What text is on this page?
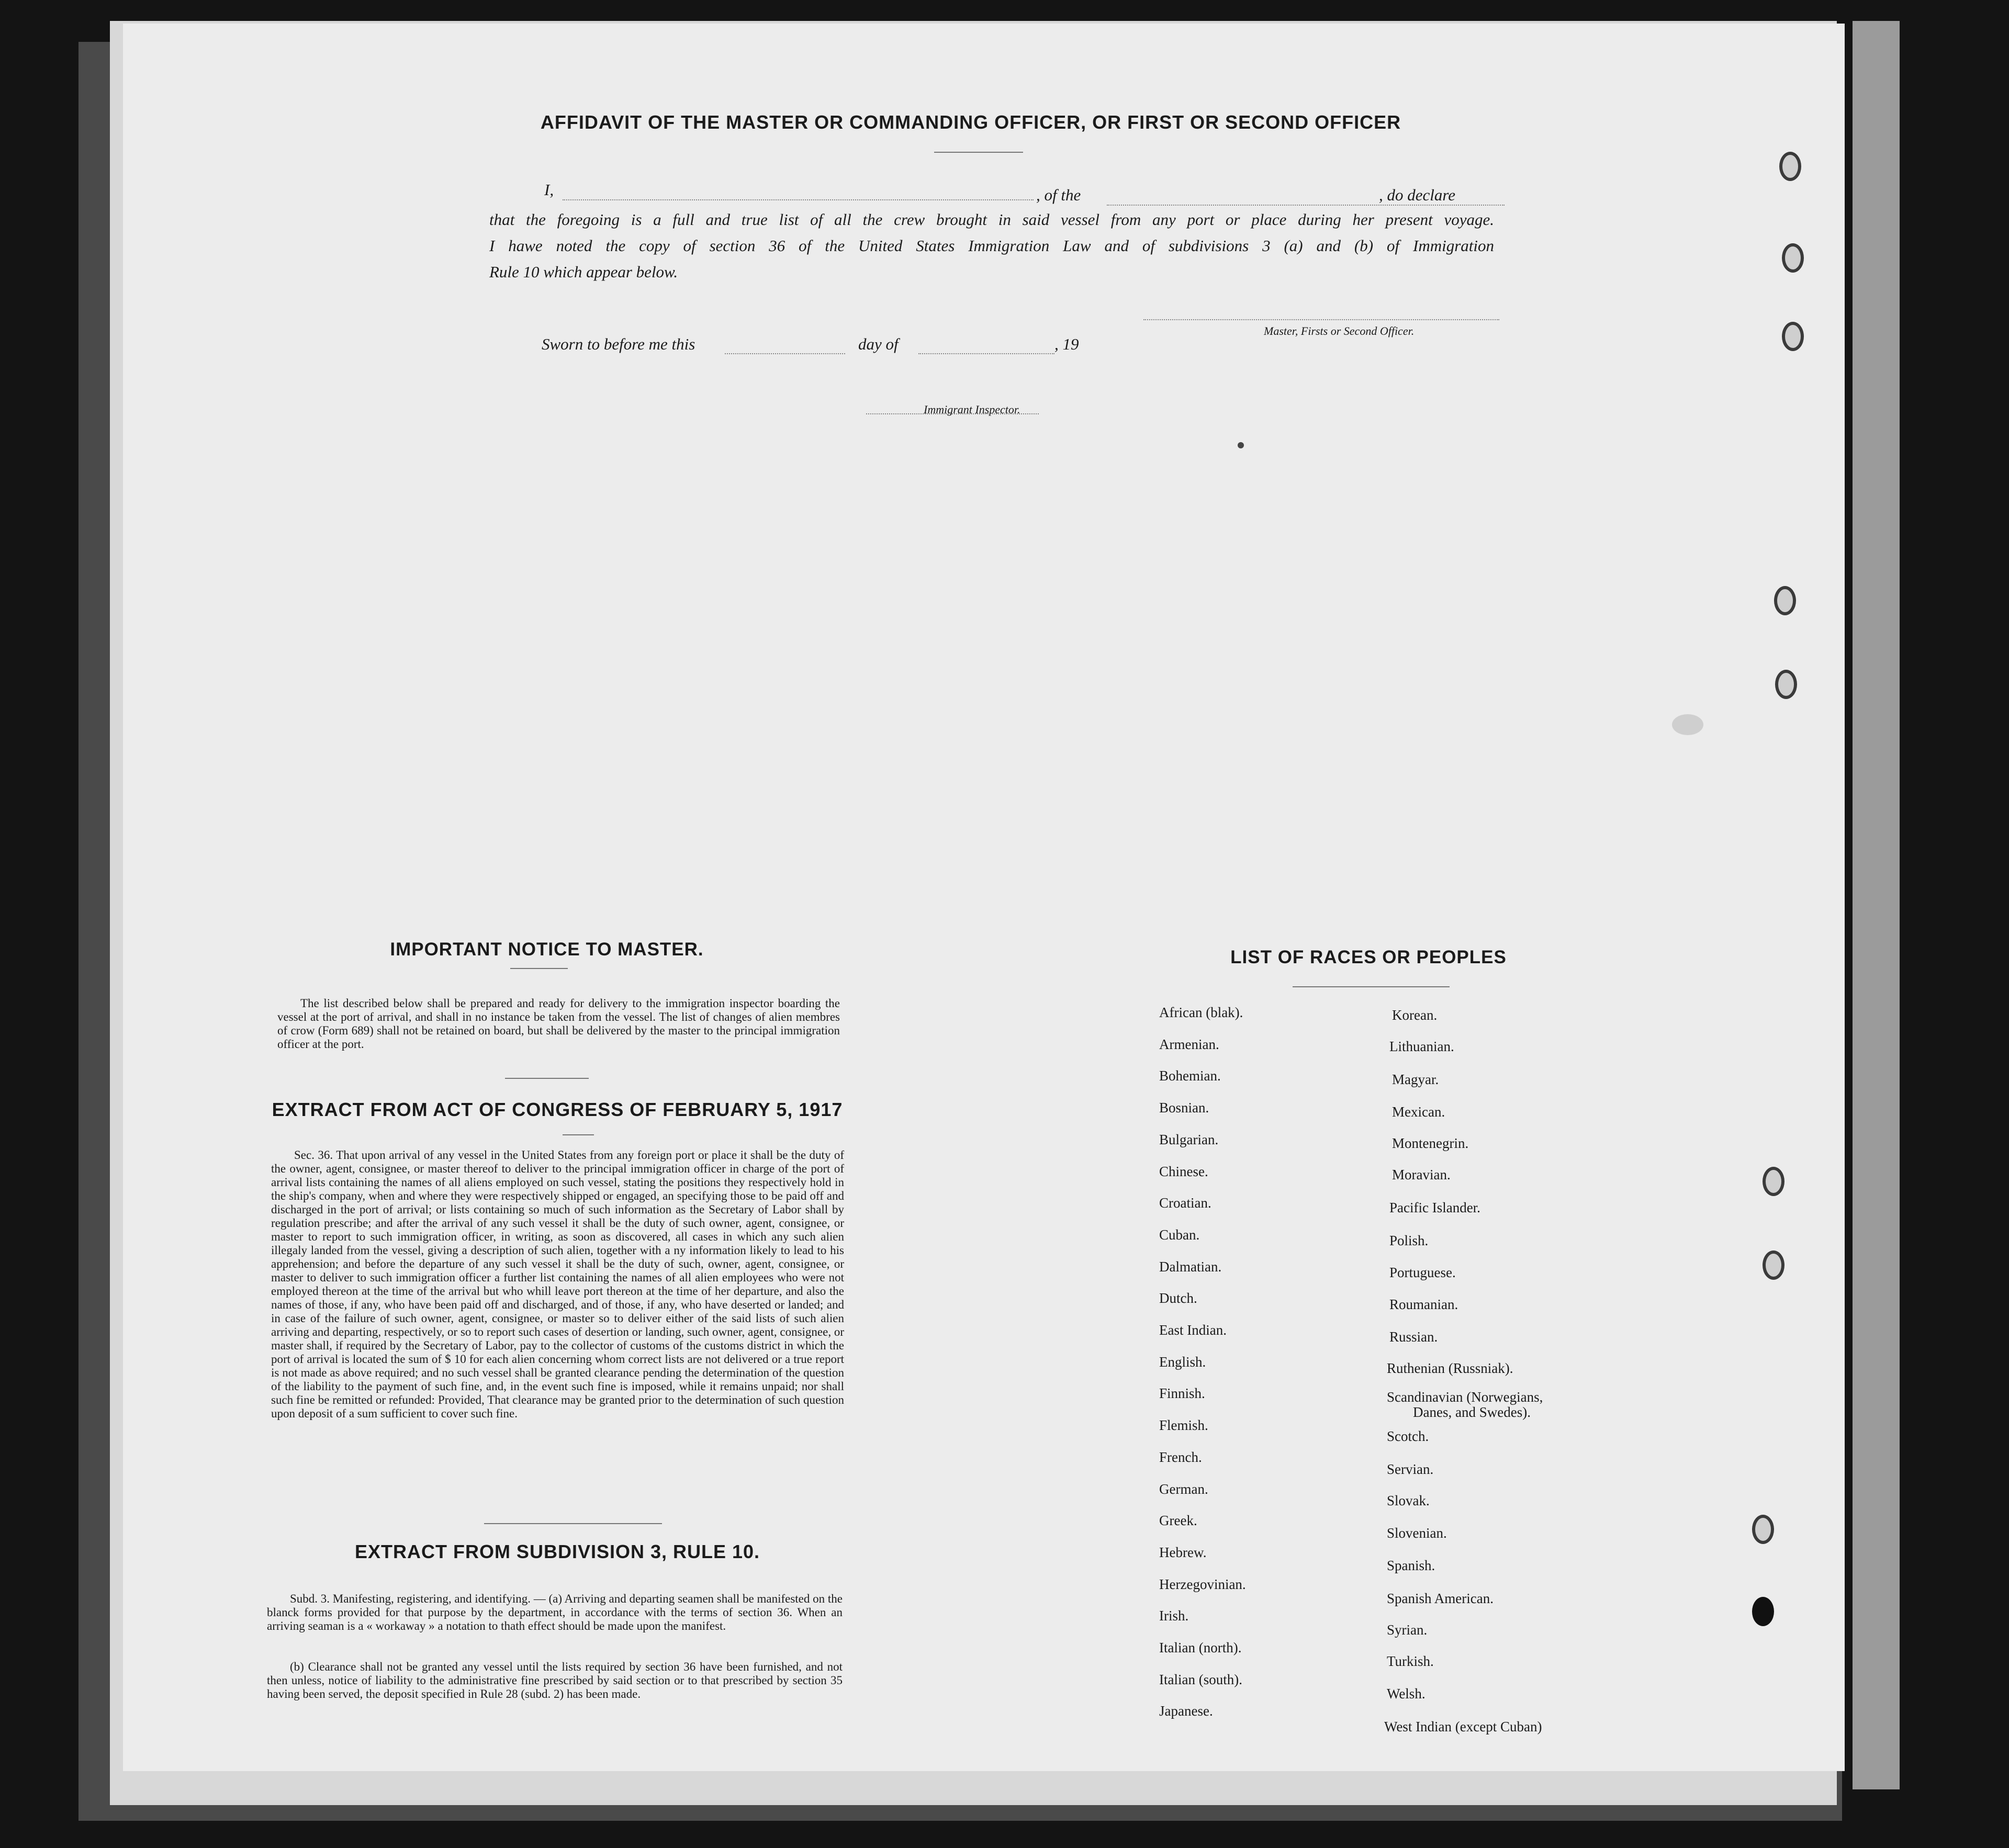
AFFIDAVIT OF THE MASTER OR COMMANDING OFFICER, OR FIRST OR SECOND OFFICER
I,	, of the	, do declare
that the foregoing is a full and true list of all the crew brought in said vessel from any port or place during her present voyage.
I hawe noted the copy of section 36 of the United States Immigration Law and of subdivisions 3 (a) and (b) of Immigration
Rule 10 which appear below.
Master, Firsts or Second Officer.
Sworn to before me this	day of	, 19
Immigrant Inspector.
IMPORTANT NOTICE TO MASTER.
The list described below shall be prepared and ready for delivery to the immigration inspector boarding the vessel at the port of arrival, and shall in no instance be taken from the vessel. The list of changes of alien membres of crow (Form 689) shall not be retained on board, but shall be delivered by the master to the principal immigration officer at the port.
EXTRACT FROM ACT OF CONGRESS OF FEBRUARY 5, 1917
Sec. 36. That upon arrival of any vessel in the United States from any foreign port or place it shall be the duty of the owner, agent, consignee, or master thereof to deliver to the principal immigration officer in charge of the port of arrival lists containing the names of all aliens employed on such vessel, stating the positions they respectively hold in the ship's company, when and where they were respectively shipped or engaged, an specifying those to be paid off and discharged in the port of arrival; or lists containing so much of such information as the Secretary of Labor shall by regulation prescribe; and after the arrival of any such vessel it shall be the duty of such owner, agent, consignee, or master to report to such immigration officer, in writing, as soon as discovered, all cases in which any such alien illegaly landed from the vessel, giving a description of such alien, together with a ny information likely to lead to his apprehension; and before the departure of any such vessel it shall be the duty of such, owner, agent, consignee, or master to deliver to such immigration officer a further list containing the names of all alien employees who were not employed thereon at the time of the arrival but who whill leave port thereon at the time of her departure, and also the names of those, if any, who have been paid off and discharged, and of those, if any, who have deserted or landed; and in case of the failure of such owner, agent, consignee, or master so to deliver either of the said lists of such alien arriving and departing, respectively, or so to report such cases of desertion or landing, such owner, agent, consignee, or master shall, if required by the Secretary of Labor, pay to the collector of customs of the customs district in which the port of arrival is located the sum of $ 10 for each alien concerning whom correct lists are not delivered or a true report is not made as above required; and no such vessel shall be granted clearance pending the determination of the question of the liability to the payment of such fine, and, in the event such fine is imposed, while it remains unpaid; nor shall such fine be remitted or refunded: Provided, That clearance may be granted prior to the determination of such question upon deposit of a sum sufficient to cover such fine.
EXTRACT FROM SUBDIVISION 3, RULE 10.
Subd. 3. Manifesting, registering, and identifying. — (a) Arriving and departing seamen shall be manifested on the blanck forms provided for that purpose by the department, in accordance with the terms of section 36. When an arriving seaman is a « workaway » a notation to thath effect should be made upon the manifest.
(b) Clearance shall not be granted any vessel until the lists required by section 36 have been furnished, and not then unless, notice of liability to the administrative fine prescribed by said section or to that prescribed by section 35 having been served, the deposit specified in Rule 28 (subd. 2) has been made.
LIST OF RACES OR PEOPLES
African (blak).
Armenian.
Bohemian.
Bosnian.
Bulgarian.
Chinese.
Croatian.
Cuban.
Dalmatian.
Dutch.
East Indian.
English.
Finnish.
Flemish.
French.
German.
Greek.
Hebrew.
Herzegovinian.
Irish.
Italian (north).
Italian (south).
Japanese.
Korean.
Lithuanian.
Magyar.
Mexican.
Montenegrin.
Moravian.
Pacific Islander.
Polish.
Portuguese.
Roumanian.
Russian.
Ruthenian (Russniak).
Scandinavian (Norwegians,
Danes, and Swedes).
Scotch.
Servian.
Slovak.
Slovenian.
Spanish.
Spanish American.
Syrian.
Turkish.
Welsh.
West Indian (except Cuban)
